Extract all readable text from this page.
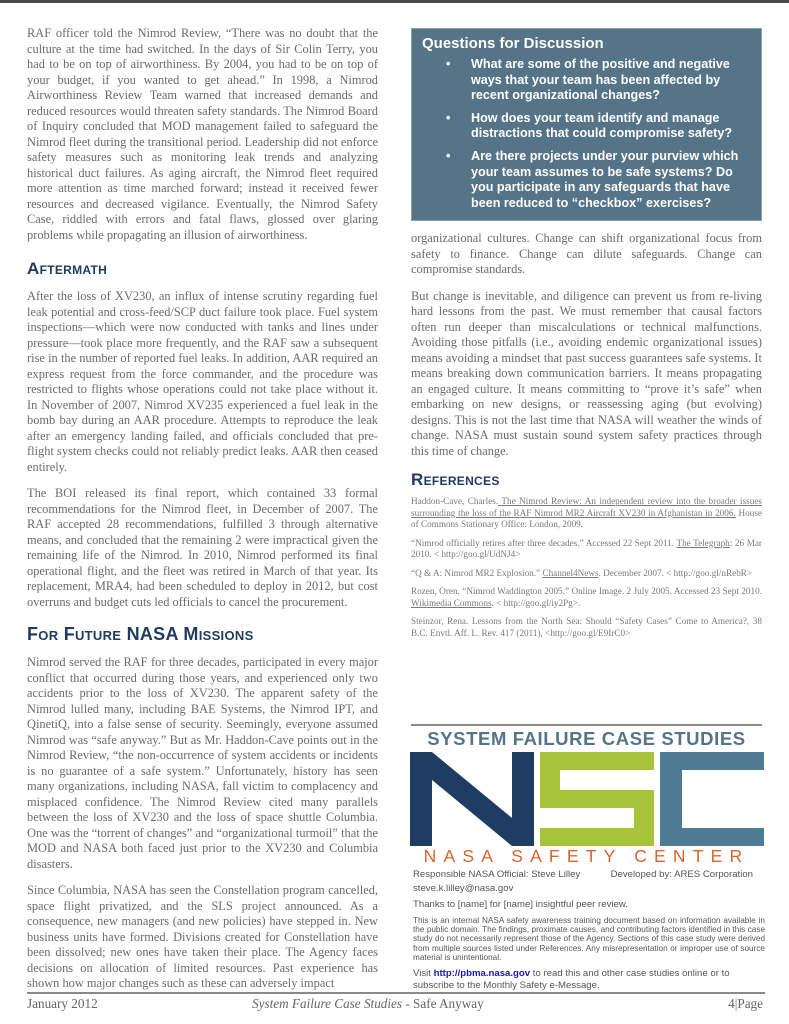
RAF officer told the Nimrod Review, “There was no doubt that the culture at the time had switched. In the days of Sir Colin Terry, you had to be on top of airworthiness. By 2004, you had to be on top of your budget, if you wanted to get ahead.” In 1998, a Nimrod Airworthiness Review Team warned that increased demands and reduced resources would threaten safety standards. The Nimrod Board of Inquiry concluded that MOD management failed to safeguard the Nimrod fleet during the transitional period. Leadership did not enforce safety measures such as monitoring leak trends and analyzing historical duct failures. As aging aircraft, the Nimrod fleet required more attention as time marched forward; instead it received fewer resources and decreased vigilance. Eventually, the Nimrod Safety Case, riddled with errors and fatal flaws, glossed over glaring problems while propagating an illusion of airworthiness.

Aftermath

After the loss of XV230, an influx of intense scrutiny regarding fuel leak potential and cross-feed/SCP duct failure took place. Fuel system inspections—which were now conducted with tanks and lines under pressure—took place more frequently, and the RAF saw a subsequent rise in the number of reported fuel leaks. In addition, AAR required an express request from the force commander, and the procedure was restricted to flights whose operations could not take place without it. In November of 2007, Nimrod XV235 experienced a fuel leak in the bomb bay during an AAR procedure. Attempts to reproduce the leak after an emergency landing failed, and officials concluded that pre-flight system checks could not reliably predict leaks. AAR then ceased entirely.

The BOI released its final report, which contained 33 formal recommendations for the Nimrod fleet, in December of 2007. The RAF accepted 28 recommendations, fulfilled 3 through alternative means, and concluded that the remaining 2 were impractical given the remaining life of the Nimrod. In 2010, Nimrod performed its final operational flight, and the fleet was retired in March of that year. Its replacement, MRA4, had been scheduled to deploy in 2012, but cost overruns and budget cuts led officials to cancel the procurement.

For Future NASA Missions

Nimrod served the RAF for three decades, participated in every major conflict that occurred during those years, and experienced only two accidents prior to the loss of XV230. The apparent safety of the Nimrod lulled many, including BAE Systems, the Nimrod IPT, and QinetiQ, into a false sense of security. Seemingly, everyone assumed Nimrod was “safe anyway.” But as Mr. Haddon-Cave points out in the Nimrod Review, “the non-occurrence of system accidents or incidents is no guarantee of a safe system.” Unfortunately, history has seen many organizations, including NASA, fall victim to complacency and misplaced confidence. The Nimrod Review cited many parallels between the loss of XV230 and the loss of space shuttle Columbia. One was the “torrent of changes” and “organizational turmoil” that the MOD and NASA both faced just prior to the XV230 and Columbia disasters.

Since Columbia, NASA has seen the Constellation program cancelled, space flight privatized, and the SLS project announced. As a consequence, new managers (and new policies) have stepped in. New business units have formed. Divisions created for Constellation have been dissolved; new ones have taken their place. The Agency faces decisions on allocation of limited resources. Past experience has shown how major changes such as these can adversely impact

Questions for Discussion
• What are some of the positive and negative ways that your team has been affected by recent organizational changes?
• How does your team identify and manage distractions that could compromise safety?
• Are there projects under your purview which your team assumes to be safe systems? Do you participate in any safeguards that have been reduced to “checkbox” exercises?

organizational cultures. Change can shift organizational focus from safety to finance. Change can dilute safeguards. Change can compromise standards.

But change is inevitable, and diligence can prevent us from re-living hard lessons from the past. We must remember that causal factors often run deeper than miscalculations or technical malfunctions. Avoiding those pitfalls (i.e., avoiding endemic organizational issues) means avoiding a mindset that past success guarantees safe systems. It means breaking down communication barriers. It means propagating an engaged culture. It means committing to “prove it’s safe” when embarking on new designs, or reassessing aging (but evolving) designs. This is not the last time that NASA will weather the winds of change. NASA must sustain sound system safety practices through this time of change.

References

Haddon-Cave, Charles. The Nimrod Review: An independent review into the broader issues surrounding the loss of the RAF Nimrod MR2 Aircraft XV230 in Afghanistan in 2006. House of Commons Stationary Office: London, 2009.

“Nimrod officially retires after three decades.” Accessed 22 Sept 2011. The Telegraph: 26 Mar 2010. < http://goo.gl/UdNJ4>

“Q & A: Nimrod MR2 Explosion.” Channel4News. December 2007. < http://goo.gl/nRebR>

Rozen, Oren. “Nimrod Waddington 2005.” Online Image. 2 July 2005. Accessed 23 Sept 2010. Wikimedia Commons. < http://goo.gl/iy2Pg>.

Steinzor, Rena. Lessons from the North Sea: Should “Safety Cases” Come to America?, 38 B.C. Envtl. Aff. L. Rev. 417 (2011), <http://goo.gl/E9IrC0>

SYSTEM FAILURE CASE STUDIES
NASA SAFETY CENTER
Responsible NASA Official: Steve Lilley	Developed by: ARES Corporation
steve.k.lilley@nasa.gov
Thanks to [name] for [name] insightful peer review.
This is an internal NASA safety awareness training document based on information available in the public domain. The findings, proximate causes, and contributing factors identified in this case study do not necessarily represent those of the Agency. Sections of this case study were derived from multiple sources listed under References. Any misrepresentation or improper use of source material is unintentional.
Visit http://pbma.nasa.gov to read this and other case studies online or to subscribe to the Monthly Safety e-Message.
January 2012	System Failure Case Studies - Safe Anyway	4|Page
